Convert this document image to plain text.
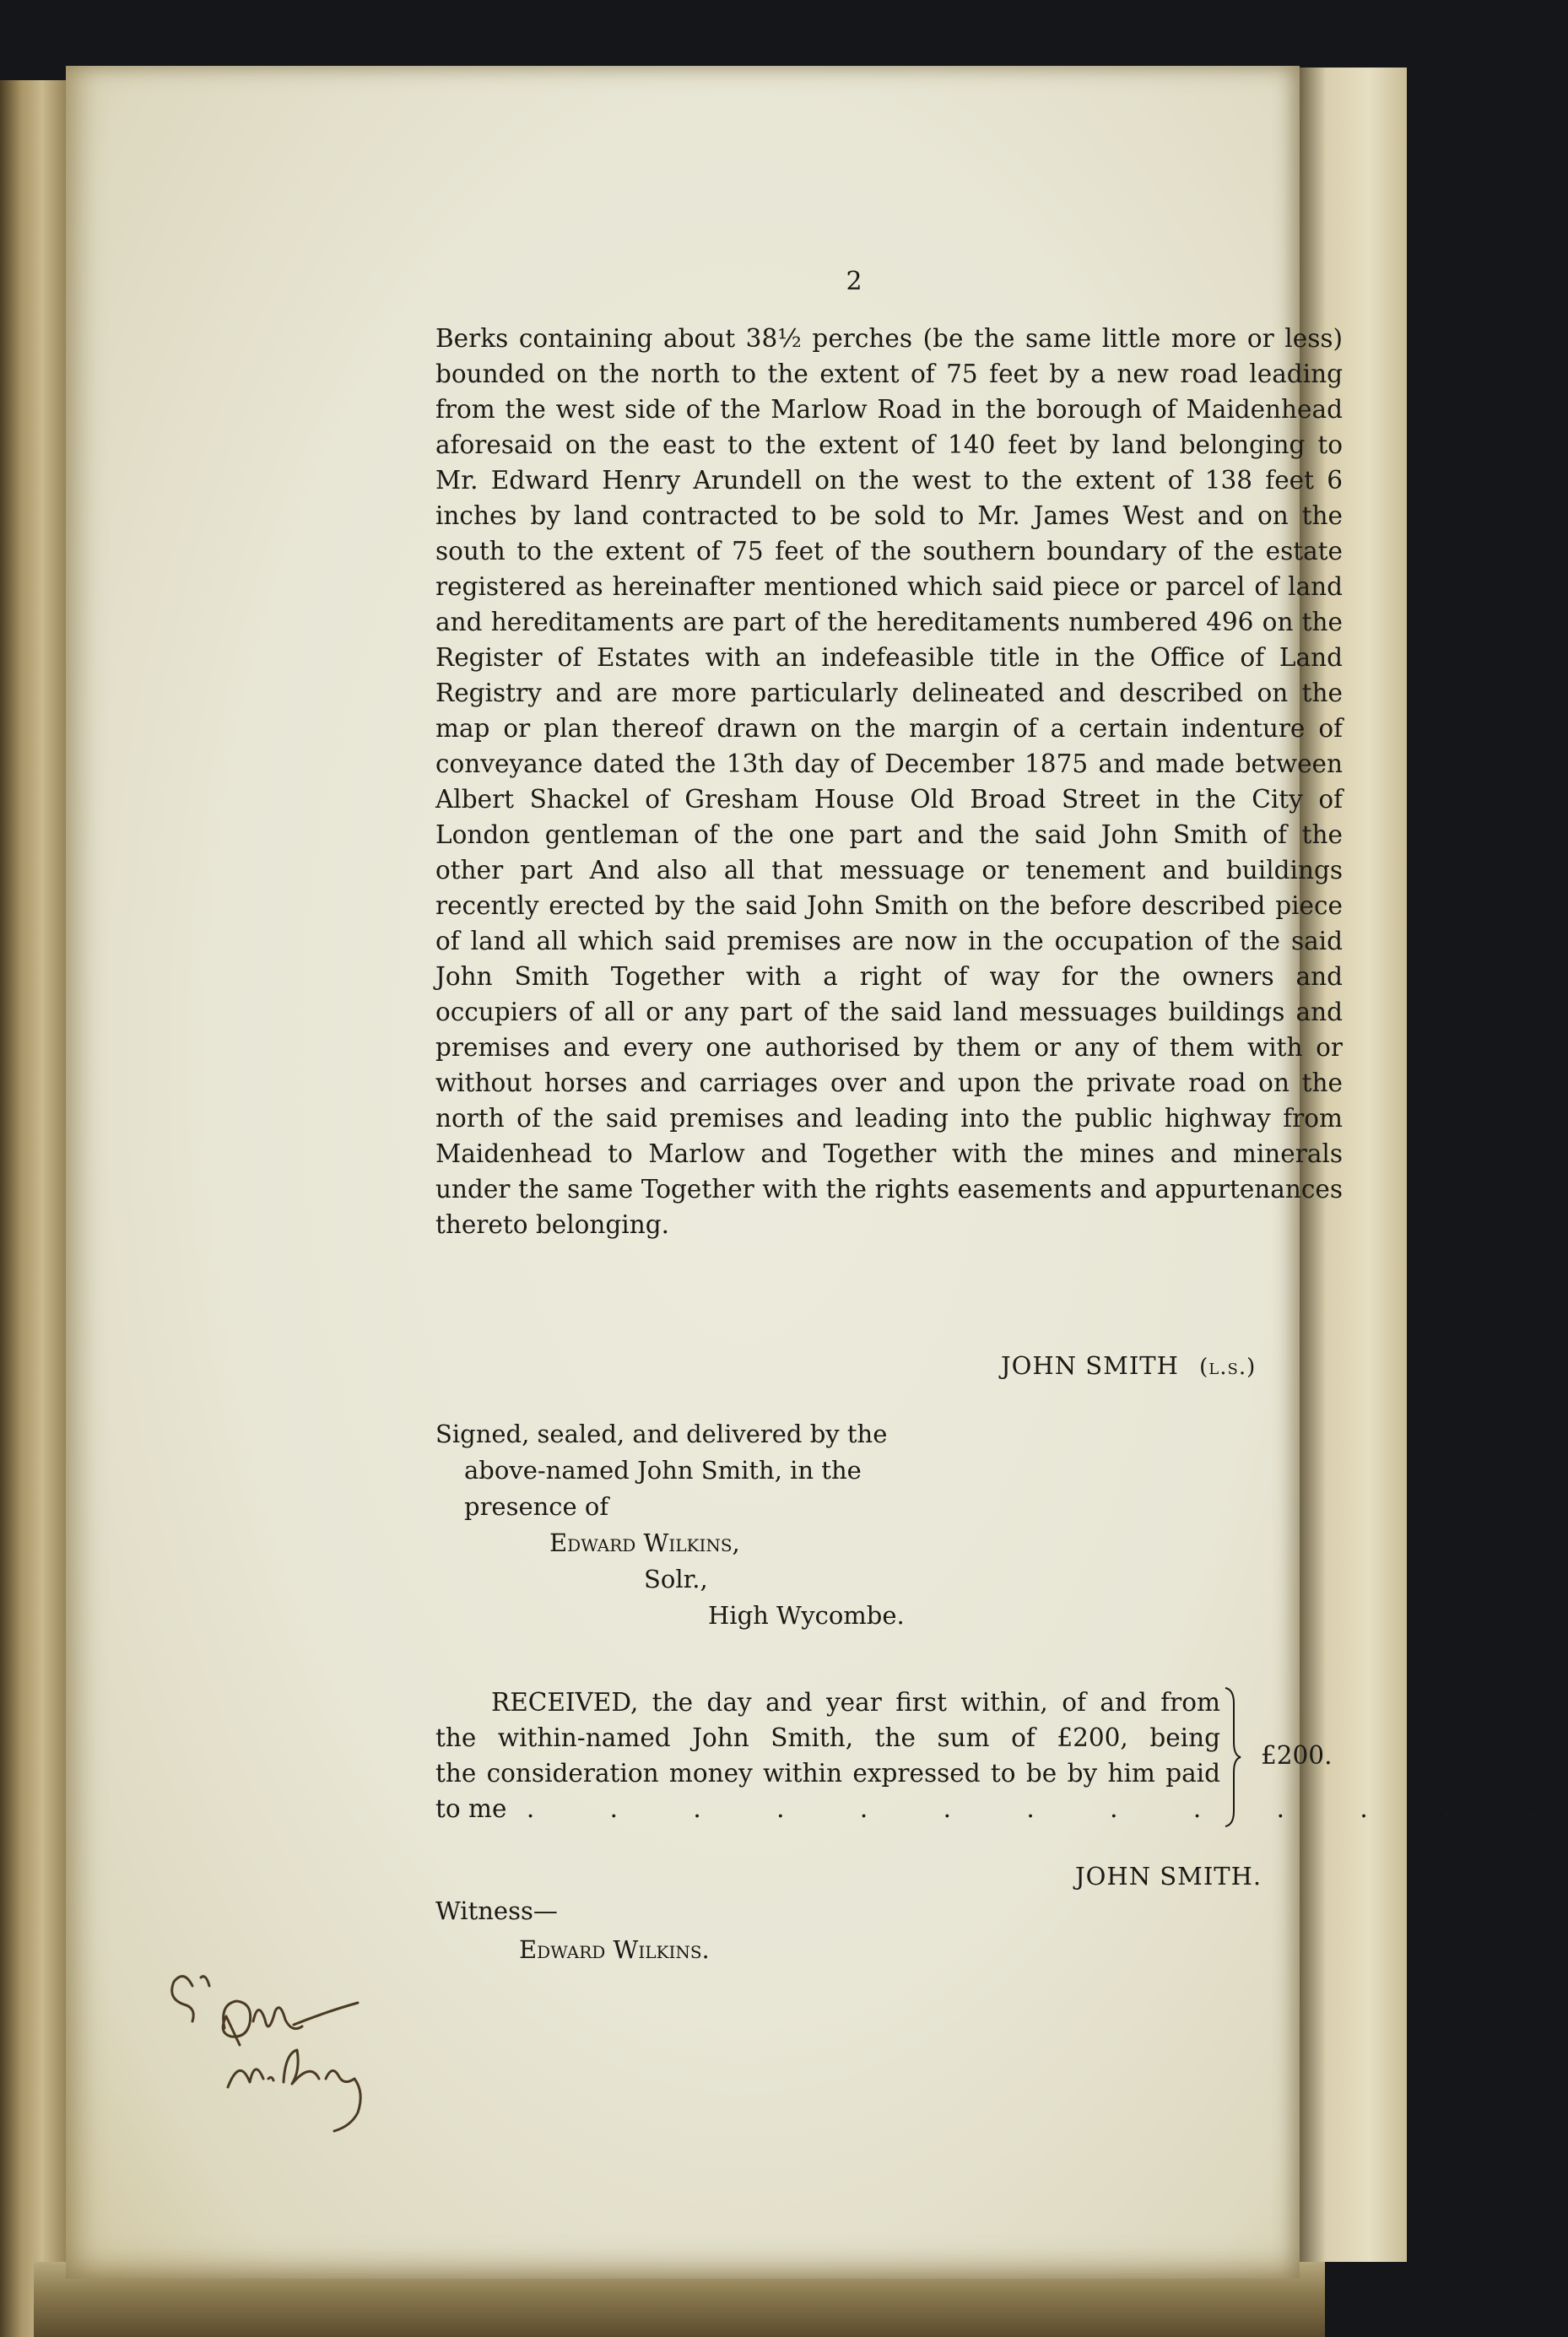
2
Berks containing about 38½ perches (be the same little more or less)
bounded on the north to the extent of 75 feet by a new road leading
from the west side of the Marlow Road in the borough of Maidenhead
aforesaid on the east to the extent of 140 feet by land belonging to
Mr. Edward Henry Arundell on the west to the extent of 138 feet 6
inches by land contracted to be sold to Mr. James West and on the
south to the extent of 75 feet of the southern boundary of the estate
registered as hereinafter mentioned which said piece or parcel of land
and hereditaments are part of the hereditaments numbered 496 on the
Register of Estates with an indefeasible title in the Office of Land
Registry and are more particularly delineated and described on the
map or plan thereof drawn on the margin of a certain indenture of
conveyance dated the 13th day of December 1875 and made between
Albert Shackel of Gresham House Old Broad Street in the City of
London gentleman of the one part and the said John Smith of the
other part And also all that messuage or tenement and buildings
recently erected by the said John Smith on the before described piece
of land all which said premises are now in the occupation of the said
John Smith Together with a right of way for the owners and
occupiers of all or any part of the said land messuages buildings and
premises and every one authorised by them or any of them with or
without horses and carriages over and upon the private road on the
north of the said premises and leading into the public highway from
Maidenhead to Marlow and Together with the mines and minerals
under the same Together with the rights easements and appurtenances
thereto belonging.
JOHN SMITH (l.s.)
Signed, sealed, and delivered by the
above-named John Smith, in the
presence of
Edward Wilkins,
Solr.,
High Wycombe.
RECEIVED, the day and year first within, of and from
the within-named John Smith, the sum of £200, being
the consideration money within expressed to be by him paid
to me . . . . . . . . . . . . .
£200.
JOHN SMITH.
Witness—
Edward Wilkins.
